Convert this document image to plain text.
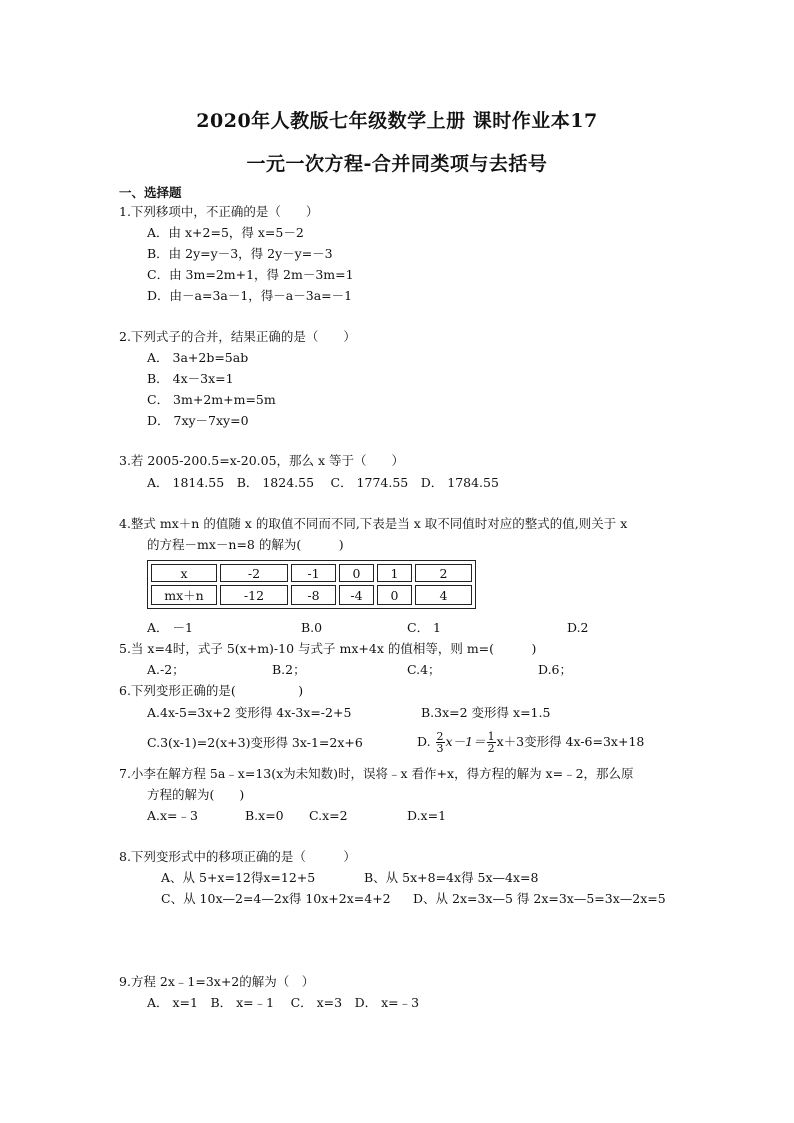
2020年人教版七年级数学上册 课时作业本17
一元一次方程-合并同类项与去括号
一、选择题
1.下列移项中，不正确的是（　　）
A．由 x+2=5，得 x=5－2
B．由 2y=y－3，得 2y－y=－3
C．由 3m=2m+1，得 2m－3m=1
D．由－a=3a－1，得－a－3a=－1
2.下列式子的合并，结果正确的是（　　）
A． 3a+2b=5ab
B． 4x－3x=1
C． 3m+2m+m=5m
D． 7xy－7xy=0
3.若 2005-200.5=x-20.05，那么 x 等于（　　）
A． 1814.55　B． 1824.55　 C． 1774.55　D． 1784.55
4.整式 mx＋n 的值随 x 的取值不同而不同,下表是当 x 取不同值时对应的整式的值,则关于 x
的方程－mx－n=8 的解为(　　　)
x	-2	-1	0	1	2
mx＋n	-12	-8	-4	0	4
A． －1	B.0	C． 1	D.2
5.当 x=4时，式子 5(x+m)-10 与式子 mx+4x 的值相等，则 m=(　　　)
A.-2；	B.2；	C.4；	D.6；
6.下列变形正确的是(　　　　　)
A.4x-5=3x+2 变形得 4x-3x=-2+5	B.3x=2 变形得 x=1.5
C.3(x-1)=2(x+3)变形得 3x-1=2x+6	D. $\frac{2}{3} x-1= \frac{1}{2} x+3$变形得 4x-6=3x+18
7.小李在解方程 5a﹣x=13(x为未知数)时，误将﹣x 看作+x，得方程的解为 x=﹣2，那么原
方程的解为(　　)
A.x=﹣3	B.x=0 C.x=2	D.x=1
8.下列变形式中的移项正确的是（　　　）
A、从 5+x=12得x=12+5	B、从 5x+8=4x得 5x—4x=8
C、从 10x—2=4—2x得 10x+2x=4+2 D、从 2x=3x—5 得 2x=3x—5=3x—2x=5
9.方程 2x﹣1=3x+2的解为（　）
A． x=1　B． x=﹣1　 C． x=3　D． x=﹣3
